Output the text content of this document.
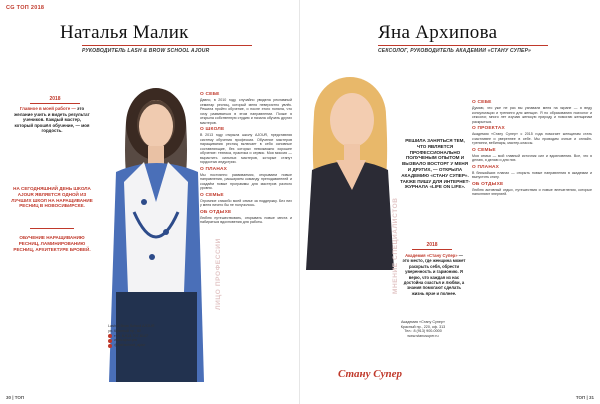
CG ТОП 2018
Наталья Малик
РУКОВОДИТЕЛЬ LASH & BROW SCHOOL AJOUR
2018
Главное в моей работе — это желание учить и видеть результат учеников. Каждый мастер, который прошёл обучение, — моя гордость.
НА СЕГОДНЯШНИЙ ДЕНЬ ШКОЛА AJOUR ЯВЛЯЕТСЯ ОДНОЙ ИЗ ЛУЧШИХ ШКОЛ НА НАРАЩИВАНИЕ РЕСНИЦ В НОВОСИБИРСКЕ.
ОБУЧЕНИЕ НАРАЩИВАНИЮ РЕСНИЦ, ЛАМИНИРОВАНИЮ РЕСНИЦ, АРХИТЕКТУРЕ БРОВЕЙ.	ЛИЦО ПРОФЕССИИ
Lash & Brow School AJOUR
ул. Красный пр., 82
тел. 8-913-797-8147
www.ajour.pro
@lashschool_ajour
О СЕБЕ

Давно, в 2010 году, случайно увидела рекламный семинар ресниц, который меня невероятно увлёк. Решила пройти обучение, и после этого поняла, что хочу развиваться в этом направлении. Позже я открыла собственную студию и начала обучать других мастеров.

О ШКОЛЕ

В 2013 году открыла школу AJOUR, представляя систему обучения профессии. Обучение мастеров наращивания ресниц включает в себя основные составляющие, без которых невозможно хорошее обучение: техника, практика и сервис. Моя миссия — вырастить сильных мастеров, которые станут гордостью индустрии.

О ПЛАНАХ

Мы постоянно развиваемся, открываем новые направления, расширяем команду преподавателей и создаём новые программы для мастеров разного уровня.

О СЕМЬЕ

Огромное спасибо моей семье за поддержку. Без них у меня ничего бы не получилось.

ОБ ОТДЫХЕ

Люблю путешествовать, открывать новые места и набираться вдохновения для работы.

30 | ТОП
Яна Архипова
СЕКСОЛОГ, РУКОВОДИТЕЛЬ АКАДЕМИИ «СТАНУ СУПЕР»
МНЕНИЕ СПЕЦИАЛИСТОВ
РЕШИЛА ЗАНЯТЬСЯ ТЕМ, ЧТО ЯВЛЯЕТСЯ ПРОФЕССИОНАЛЬНО ПОЛУЧЕНЫМ ОПЫТОМ И ВЫЗВАЛО ВОСТОРГ У МЕНЯ И ДРУГИХ, — ОТКРЫЛА АКАДЕМИЮ «СТАНУ СУПЕР». ТАКЖЕ ПИШУ ДЛЯ ИНТЕРНЕТ-ЖУРНАЛА «LIFE ON LIFE».
2018
Академия «Стану Супер» — это место, где женщина может раскрыть себя, обрести уверенность и гармонию. Я верю, что каждая из нас достойна счастья и любви, а знания помогают сделать жизнь ярче и полнее.
Академия «Стану Супер»
Красный пр., 220, оф. 313
Тел.: 8 (913) 900-0000
www.stanusuper.ru
Стану Супер
О СЕБЕ

Думаю, что уже не раз вы узнавали меня на экране — я веду консультации и тренинги для женщин. Я по образованию психолог и сексолог, много лет изучаю женскую природу и помогаю женщинам раскрыться.

О ПРОЕКТАХ

Академия «Стану Супер» с 2015 года помогает женщинам стать счастливее и увереннее в себе. Мы проводим очные и онлайн-тренинги, вебинары, мастер-классы.

О СЕМЬЕ

Моя семья — мой главный источник сил и вдохновения. Все, что я делаю, я делаю и для них.

О ПЛАНАХ

В ближайших планах — открыть новые направления в академии и выпустить книгу.

ОБ ОТДЫХЕ

Люблю активный отдых, путешествия и новые впечатления, которые наполняют энергией.

ТОП | 31
